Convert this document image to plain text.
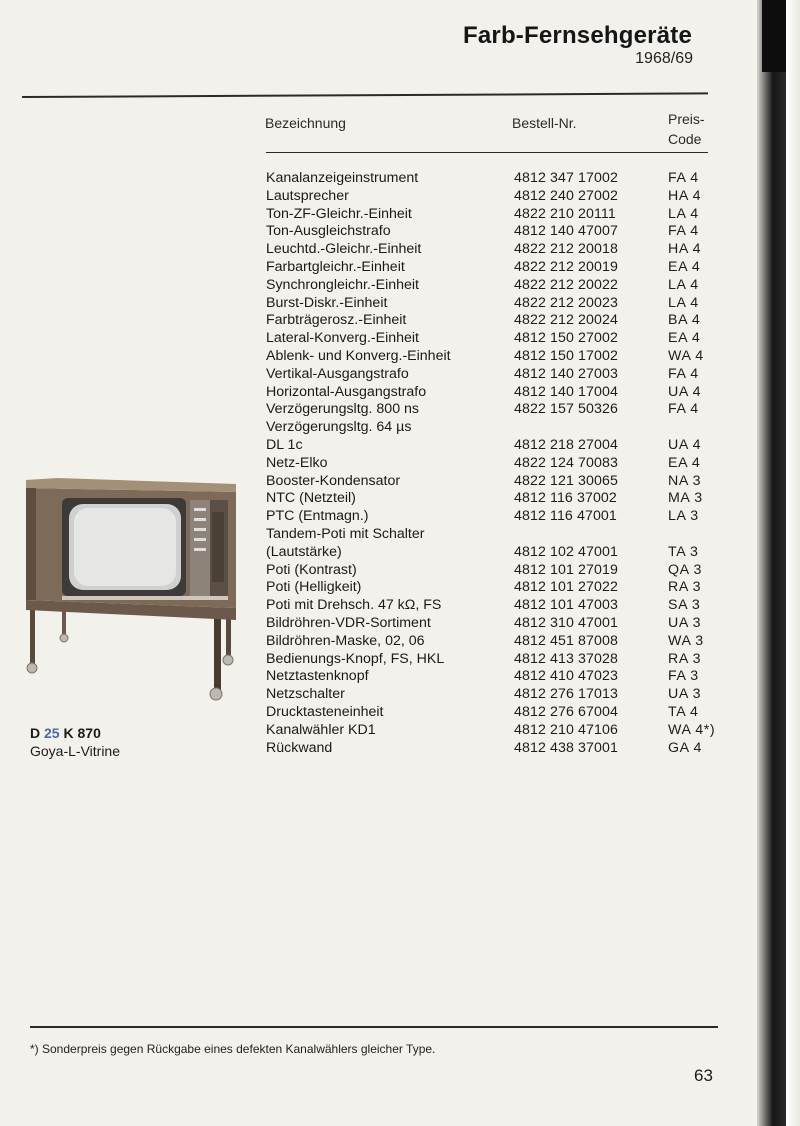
Farb-Fernsehgeräte
1968/69
Bezeichnung	Bestell-Nr.	Preis-
Code
Kanalanzeigeinstrument	4812 347 17002	FA 4
Lautsprecher	4812 240 27002	HA 4
Ton-ZF-Gleichr.-Einheit	4822 210 20111	LA 4
Ton-Ausgleichstrafo	4812 140 47007	FA 4
Leuchtd.-Gleichr.-Einheit	4822 212 20018	HA 4
Farbartgleichr.-Einheit	4822 212 20019	EA 4
Synchrongleichr.-Einheit	4822 212 20022	LA 4
Burst-Diskr.-Einheit	4822 212 20023	LA 4
Farbträgerosz.-Einheit	4822 212 20024	BA 4
Lateral-Konverg.-Einheit	4812 150 27002	EA 4
Ablenk- und Konverg.-Einheit	4812 150 17002	WA 4
Vertikal-Ausgangstrafo	4812 140 27003	FA 4
Horizontal-Ausgangstrafo	4812 140 17004	UA 4
Verzögerungsltg. 800 ns	4822 157 50326	FA 4
Verzögerungsltg. 64 µs
DL 1c	4812 218 27004	UA 4
Netz-Elko	4822 124 70083	EA 4
Booster-Kondensator	4822 121 30065	NA 3
NTC (Netzteil)	4812 116 37002	MA 3
PTC (Entmagn.)	4812 116 47001	LA 3
Tandem-Poti mit Schalter
(Lautstärke)	4812 102 47001	TA 3
Poti (Kontrast)	4812 101 27019	QA 3
Poti (Helligkeit)	4812 101 27022	RA 3
Poti mit Drehsch. 47 kΩ, FS	4812 101 47003	SA 3
Bildröhren-VDR-Sortiment	4812 310 47001	UA 3
Bildröhren-Maske, 02, 06	4812 451 87008	WA 3
Bedienungs-Knopf, FS, HKL	4812 413 37028	RA 3
Netztastenknopf	4812 410 47023	FA 3
Netzschalter	4812 276 17013	UA 3
Drucktasteneinheit	4812 276 67004	TA 4
Kanalwähler KD1	4812 210 47106	WA 4*)
Rückwand	4812 438 37001	GA 4
D 25 K 870
Goya-L-Vitrine
*) Sonderpreis gegen Rückgabe eines defekten Kanalwählers gleicher Type.
63
